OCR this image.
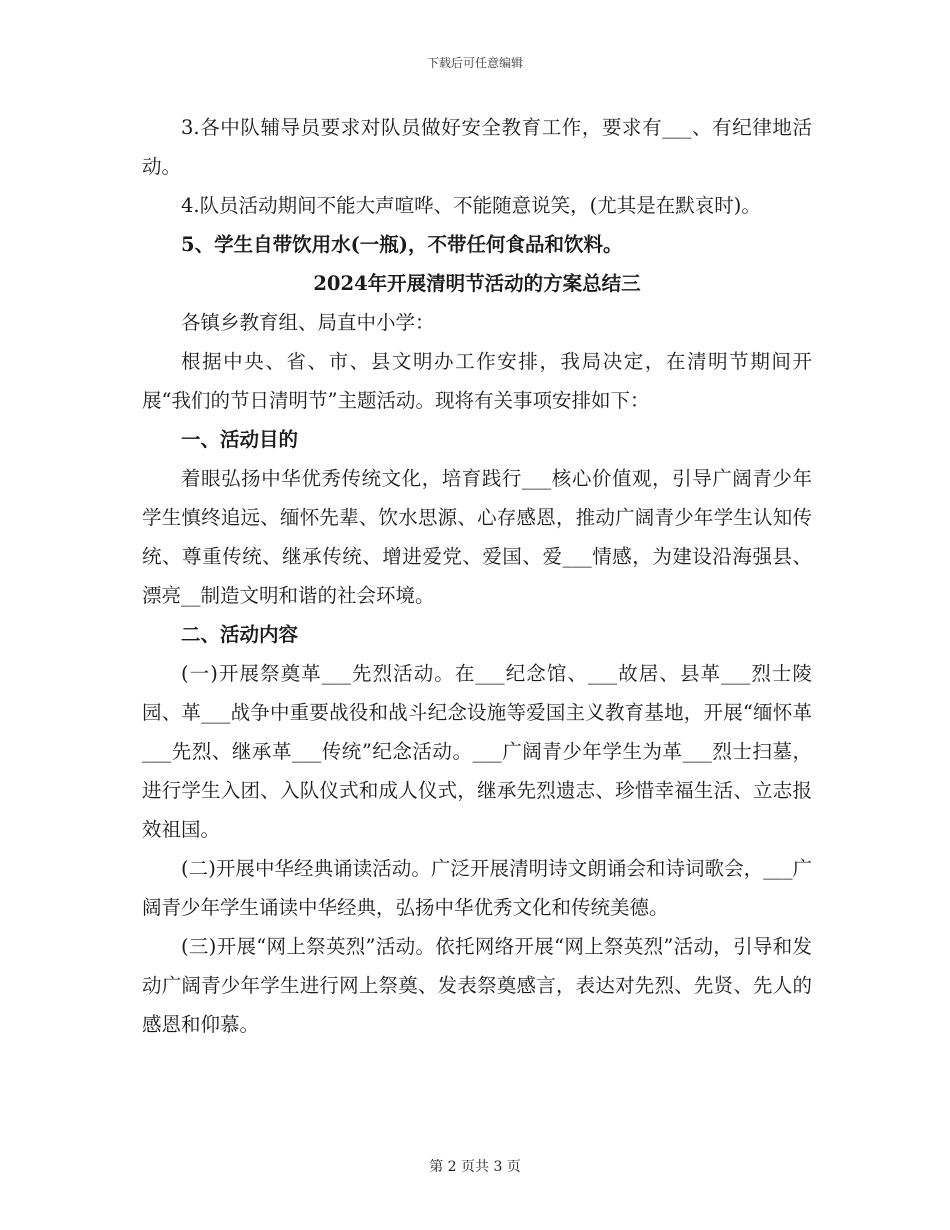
下载后可任意编辑

3.各中队辅导员要求对队员做好安全教育工作，要求有___、有纪律地活动。

4.队员活动期间不能大声喧哗、不能随意说笑，(尤其是在默哀时)。

5、学生自带饮用水(一瓶)，不带任何食品和饮料。

2024年开展清明节活动的方案总结三

各镇乡教育组、局直中小学：

根据中央、省、市、县文明办工作安排，我局决定，在清明节期间开展“我们的节日清明节”主题活动。现将有关事项安排如下：

一、活动目的

着眼弘扬中华优秀传统文化，培育践行___核心价值观，引导广阔青少年学生慎终追远、缅怀先辈、饮水思源、心存感恩，推动广阔青少年学生认知传统、尊重传统、继承传统、增进爱党、爱国、爱___情感，为建设沿海强县、漂亮__制造文明和谐的社会环境。

二、活动内容

(一)开展祭奠革___先烈活动。在___纪念馆、___故居、县革___烈士陵园、革___战争中重要战役和战斗纪念设施等爱国主义教育基地，开展“缅怀革___先烈、继承革___传统”纪念活动。___广阔青少年学生为革___烈士扫墓，进行学生入团、入队仪式和成人仪式，继承先烈遗志、珍惜幸福生活、立志报效祖国。

(二)开展中华经典诵读活动。广泛开展清明诗文朗诵会和诗词歌会，___广阔青少年学生诵读中华经典，弘扬中华优秀文化和传统美德。

(三)开展“网上祭英烈”活动。依托网络开展“网上祭英烈”活动，引导和发动广阔青少年学生进行网上祭奠、发表祭奠感言，表达对先烈、先贤、先人的感恩和仰慕。

第 2 页共 3 页
